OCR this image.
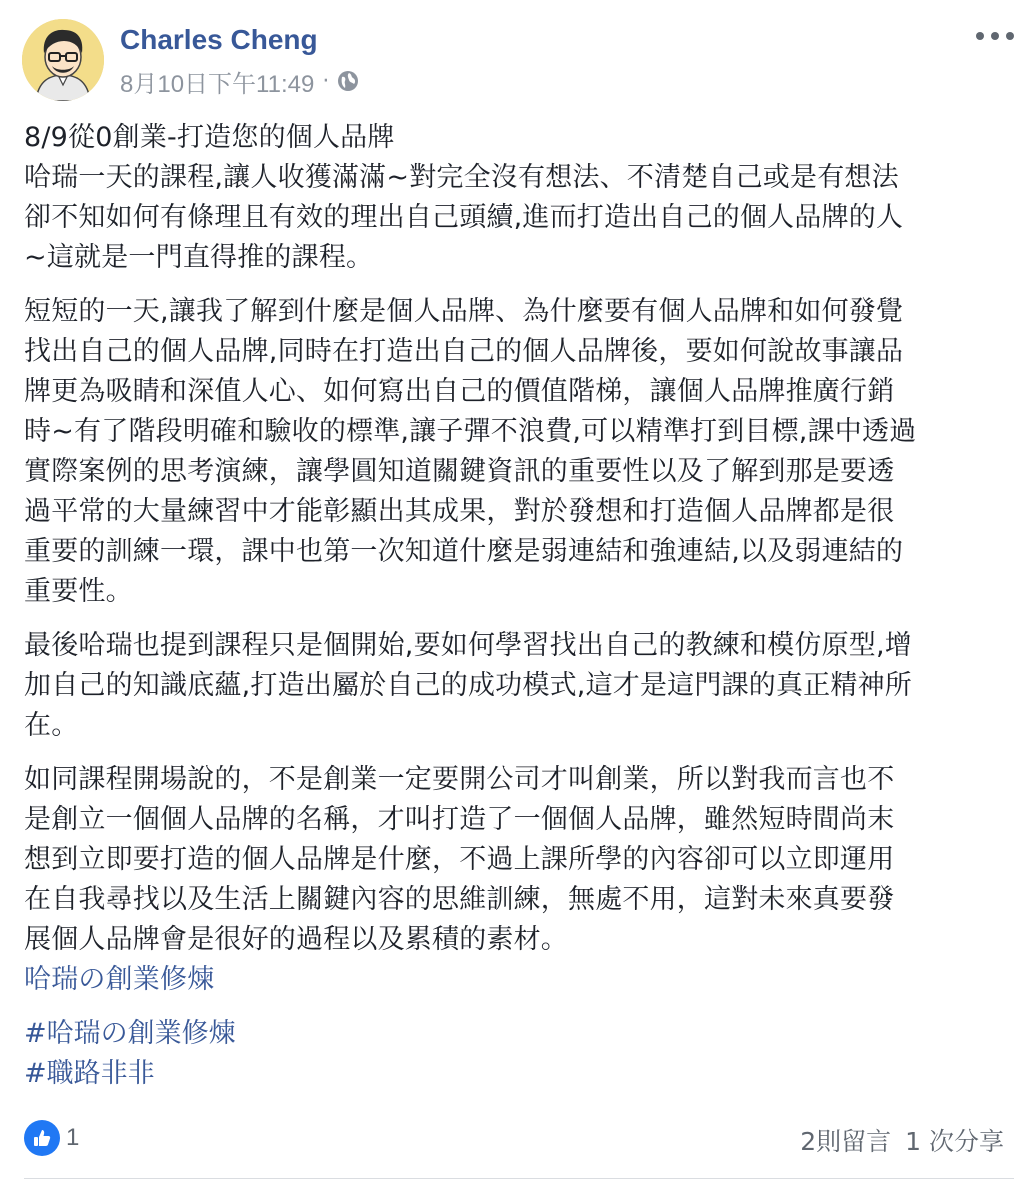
Charles Cheng
8月10日下午11:49 ·

8/9從0創業-打造您的個人品牌

哈瑞一天的課程,讓人收獲滿滿~對完全沒有想法、不清楚自己或是有想法

卻不知如何有條理且有效的理出自己頭續,進而打造出自己的個人品牌的人

~這就是一門直得推的課程。

短短的一天,讓我了解到什麼是個人品牌、為什麼要有個人品牌和如何發覺

找出自己的個人品牌,同時在打造出自己的個人品牌後，要如何說故事讓品

牌更為吸睛和深值人心、如何寫出自己的價值階梯，讓個人品牌推廣行銷

時~有了階段明確和驗收的標準,讓子彈不浪費,可以精準打到目標,課中透過

實際案例的思考演練，讓學圓知道關鍵資訊的重要性以及了解到那是要透

過平常的大量練習中才能彰顯出其成果，對於發想和打造個人品牌都是很

重要的訓練一環，課中也第一次知道什麼是弱連結和強連結,以及弱連結的

重要性。

最後哈瑞也提到課程只是個開始,要如何學習找出自己的教練和模仿原型,增

加自己的知識底蘊,打造出屬於自己的成功模式,這才是這門課的真正精神所

在。

如同課程開場說的，不是創業一定要開公司才叫創業，所以對我而言也不

是創立一個個人品牌的名稱，才叫打造了一個個人品牌，雖然短時間尚末

想到立即要打造的個人品牌是什麼，不過上課所學的內容卻可以立即運用

在自我尋找以及生活上關鍵內容的思維訓練，無處不用，這對未來真要發

展個人品牌會是很好的過程以及累積的素材。

哈瑞の創業修煉

#哈瑞の創業修煉
#職路非非
1	2則留言 1 次分享
